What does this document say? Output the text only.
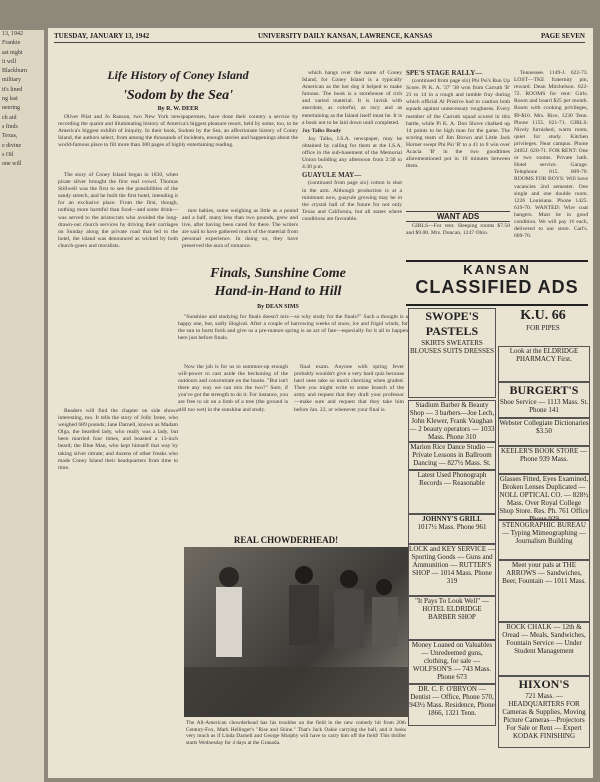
13, 1942
Frankie
ast night
it will
Blackburn
military
it's lined
ng last
neering
ch aid
s finds
Texas,
e divine
s Oil
one will
TUESDAY, JANUARY 13, 1942	UNIVERSITY DAILY KANSAN, LAWRENCE, KANSAS	PAGE SEVEN
Life History of Coney Island
'Sodom by the Sea'
By R. W. DEER

Oliver Pilat and Jo Ranson, two New York newspapermen, have done their country a service by recording the quaint and illuminating history of America's biggest pleasure resort, held by some, too, to be America's biggest exhibit of iniquity. In their book, Sodom by the Sea, an affectionate history of Coney Island, the authors select, from among the thousands of incidents, enough stories and happenings about the world-famous place to fill more than 300 pages of highly entertaining reading.

The story of Coney Island began in 1830, when pirate silver brought the first real crowd. Thomas Stillwell was the first to see the possibilities of the sandy stretch, and he built the first hotel, intending it for an exclusive place. From the first, though, nothing more harmful than food—and some drink—was served to the aristocrats who avoided the long-drawn-out church services by driving their carriages on Sunday along the private road that led to the hotel, the island was denounced as wicked by both church-goers and moralists.

ture babies, some weighing as little as a pound and a half, many less than two pounds, grew and live, after having been cared for there. The writers are said to have gathered much of the material from personal experience. In doing so, they have preserved the aura of romance.

which hangs over the name of Coney Island, for Coney Island is a typically American as the hot dog it helped to make famous. The book is a storehouse of rich and varied material. It is lavish with anecdote, as colorful, as racy and as entertaining as the Island itself must be. It is a book not to be laid down until completed.

Jay Talks Ready

Joy Talks, I.S.A. newspaper, may be obtained by calling for them at the I.S.A. office in the sub-basement of the Memorial Union building any afternoon from 2:30 to 4:30 p.m.

GUAYULE MAY—

(continued from page six) cotton is shot in the arm. Although production is at a minimum now, guayule growing may be in the crystal ball of the future for not only Texas and California, but all states where conditions are favorable.

SPE'S STAGE RALLY—

(continued from page six) Phi Psi's Run Up Score. Pi K. A. '37' '38 won from Carruth 'B' 21 to 14 in a rough and tumble fray during which official Al Pristive had to caution both squads against unnecessary roughness. Every member of the Carruth squad scored in this battle, while Pi K. A. Don Shove chalked up 14 points to be high man for the game. The scoring team of Jim Brown and Little Jack Horner swept Phi Psi 'B' to a 41 to 8 win over Acacia 'B' in the two goodtimes aforementioned pot in 10 minutes between them.

WANT ADS

GIRLS—For rent. Sleeping rooms $7.50 and $9.00. Mrs. Duncan, 1247 Ohio.

Tennessee. 1149-J. 622-73. LOST—TKE fraternity pin, reward. Dean Mitchelson. 622-72. ROOMS for rent: Girls. Room and board $25 per month. Room with cooking privileges, $9-$10. Mrs. Rice, 1230 Tenn. Phone 1155. 621-71. GIRLS: Nicely furnished, warm room, quiet for study. Kitchen privileges. Near campus. Phone 2405J. 620-71. FOR RENT: One or two rooms. Private bath. Hotel service. Garage. Telephone 815. 609-70. ROOMS FOR BOYS: Will have vacancies 2nd semester. One single and one double room. 1226 Louisiana. Phone 1425. 619-70. WANTED: Wire coat hangers. Must be in good condition. We will pay 1¢ each, delivered to our store. Carl's. 609-70.

Finals, Sunshine Come
Hand-in-Hand to Hill
By DEAN SIMS

"Sunshine and studying for finals doesn't mix—so why study for the finals?" Such a thought is a happy one, but, sadly illogical. After a couple of harrowing weeks of snow, ice and frigid winds, for the sun to burst forth and give us a pre-mature spring is an act of fate—especially for it all to happen here just before finals.

Now the job is for us to summon-up enough will-power to cast aside the beckoning of the outdoors and concentrate on the books. "But isn't there any way we can mix the two?" Sure, if you've got the strength to do it. For instance, you are free to sit on a limb of a tree (the ground is still too wet) in the sunshine and study.

final exam. Anyone with spring fever probably wouldn't give a very hard quiz because hard ones take so much checking when graded. Then you might write to some branch of the army and request that they draft your professor—make sure and request that they take him before Jan. 22, or whenever your final is.

Readers will find the chapter on side shows interesting, too. It tells the story of Jolly Irene, who weighed 689 pounds; Jane Darnell, known as Madam Olga, the bearded lady, who really was a lady, but been married four times, and boasted a 13-inch beard; the Blue Man, who kept himself that way by taking silver nitrate; and dozens of other freaks who made Coney Island their headquarters from time to time.

REAL CHOWDERHEAD!

The All-American chowderhead has his troubles on the field in the new comedy hit from 20th Century-Fox, Mark Hellinger's "Rise and Shine." That's Jack Oakie carrying the ball, and it looks very much as if Linda Darnell and George Murphy will have to carry him off the field! This thriller starts Wednesday for 4 days at the Granada.

KANSAN
CLASSIFIED ADS
SWOPE'S
PASTELS
SKIRTS SWEATERS BLOUSES SUITS DRESSES
Stadium Barber & Beauty Shop — 3 barbers—Joe Lech, John Klewer, Frank Vaughan — 2 beauty operators — 1033 Mass. Phone 310
Marion Rice Dance Studio — Private Lessons in Ballroom Dancing — 827½ Mass. St.
Latest Used Phonograph Records — Reasonable
JOHNNY'S GRILL
1017½ Mass. Phone 961
LOCK and KEY SERVICE — Sporting Goods — Guns and Ammunition — RUTTER'S SHOP — 1014 Mass. Phone 319
"It Pays To Look Well" — HOTEL ELDRIDGE BARBER SHOP
Money Loaned on Valuables — Unredeemed guns, clothing, for sale — WOLFSON'S — 743 Mass. Phone 673
DR. C. F. O'BRYON — Dentist — Office, Phone 570, 943½ Mass. Residence, Phone 1866, 1321 Tenn.
K.U. 66
FOR PIPES
Look at the ELDRIDGE PHARMACY First.
BURGERT'S
Shoe Service — 1113 Mass. St. Phone 141
Webster Collegiate Dictionaries $3.50
KEELER'S BOOK STORE — Phone 939 Mass.
Glasses Fitted, Eyes Examined, Broken Lenses Duplicated — NOLL OPTICAL CO. — 828½ Mass. Over Royal College Shop Store. Res. Ph. 761 Office Phone 929
STENOGRAPHIC BUREAU — Typing Mimeographing — Journalism Building
Meet your pals at THE ARROWS — Sandwiches, Beer, Fountain — 1011 Mass.
ROCK CHALK — 12th & Oread — Meals, Sandwiches, Fountain Service — Under Student Management
HIXON'S
721 Mass. — HEADQUARTERS FOR Cameras & Supplies, Moving Picture Cameras—Projectors For Sale or Rent — Expert KODAK FINISHING
